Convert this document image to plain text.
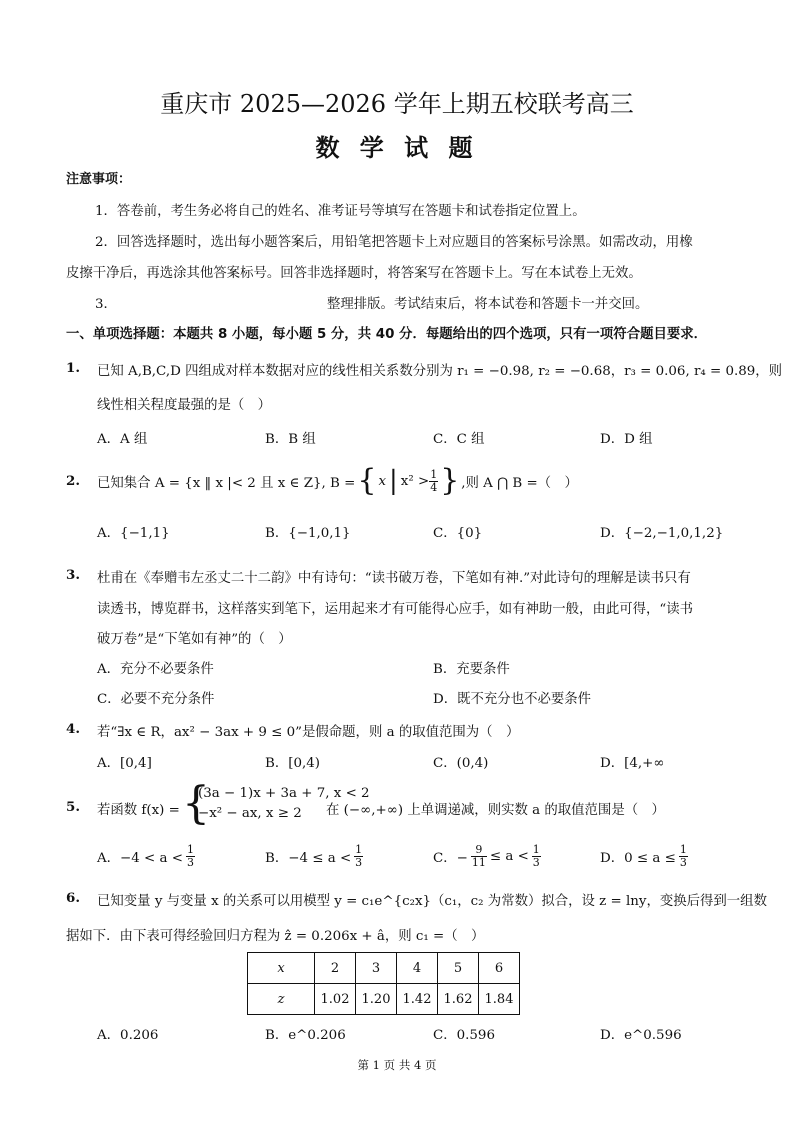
重庆市 2025—2026 学年上期五校联考高三
数 学 试 题
注意事项：
1．答卷前，考生务必将自己的姓名、准考证号等填写在答题卡和试卷指定位置上。
2．回答选择题时，选出每小题答案后，用铅笔把答题卡上对应题目的答案标号涂黑。如需改动，用橡
皮擦干净后，再选涂其他答案标号。回答非选择题时，将答案写在答题卡上。写在本试卷上无效。
3．	整理排版。考试结束后，将本试卷和答题卡一并交回。
一、单项选择题：本题共 8 小题，每小题 5 分，共 40 分．每题给出的四个选项，只有一项符合题目要求．
1. 已知 A,B,C,D 四组成对样本数据对应的线性相关系数分别为 r₁ = −0.98, r₂ = −0.68，r₃ = 0.06, r₄ = 0.89，则
线性相关程度最强的是（　）
A．A 组	B．B 组	C．C 组	D．D 组
2. 已知集合 A = {x ‖ x |< 2 且 x ∈ Z}, B = { x | $x^2 > \frac{1}{4}$ } ,则 A ⋂ B =（　）
A．{−1,1}	B．{−1,0,1}	C．{0}	D．{−2,−1,0,1,2}
3. 杜甫在《奉赠韦左丞丈二十二韵》中有诗句：“读书破万卷，下笔如有神.”对此诗句的理解是读书只有
读透书，博览群书，这样落实到笔下，运用起来才有可能得心应手，如有神助一般，由此可得，“读书
破万卷”是“下笔如有神”的（　）
A．充分不必要条件	B．充要条件
C．必要不充分条件	D．既不充分也不必要条件
4. 若“∃x ∈ R，ax² − 3ax + 9 ≤ 0”是假命题，则 a 的取值范围为（　）
A．[0,4]	B．[0,4)	C．(0,4)	D．[4,+∞
5. 若函数 f(x) = {
(3a − 1)x + 3a + 7, x < 2
−x² − ax, x ≥ 2 在 (−∞,+∞) 上单调递减，则实数 a 的取值范围是（　）
A．$-4 < a < \frac{1}{3}$	B．$-4 \le a < \frac{1}{3}$	C．− $\frac{9}{11} \le a < \frac{1}{3}$	D．$0 \le a \le \frac{1}{3}$
6. 已知变量 y 与变量 x 的关系可以用模型 y = c₁e^{c₂x}（c₁，c₂ 为常数）拟合，设 z = lny，变换后得到一组数
据如下．由下表可得经验回归方程为 ẑ = 0.206x + â，则 c₁ =（　）
x	2	3	4	5	6
z	1.02	1.20	1.42	1.62	1.84
A．0.206	B．e^0.206	C．0.596	D．e^0.596
第 1 页 共 4 页
